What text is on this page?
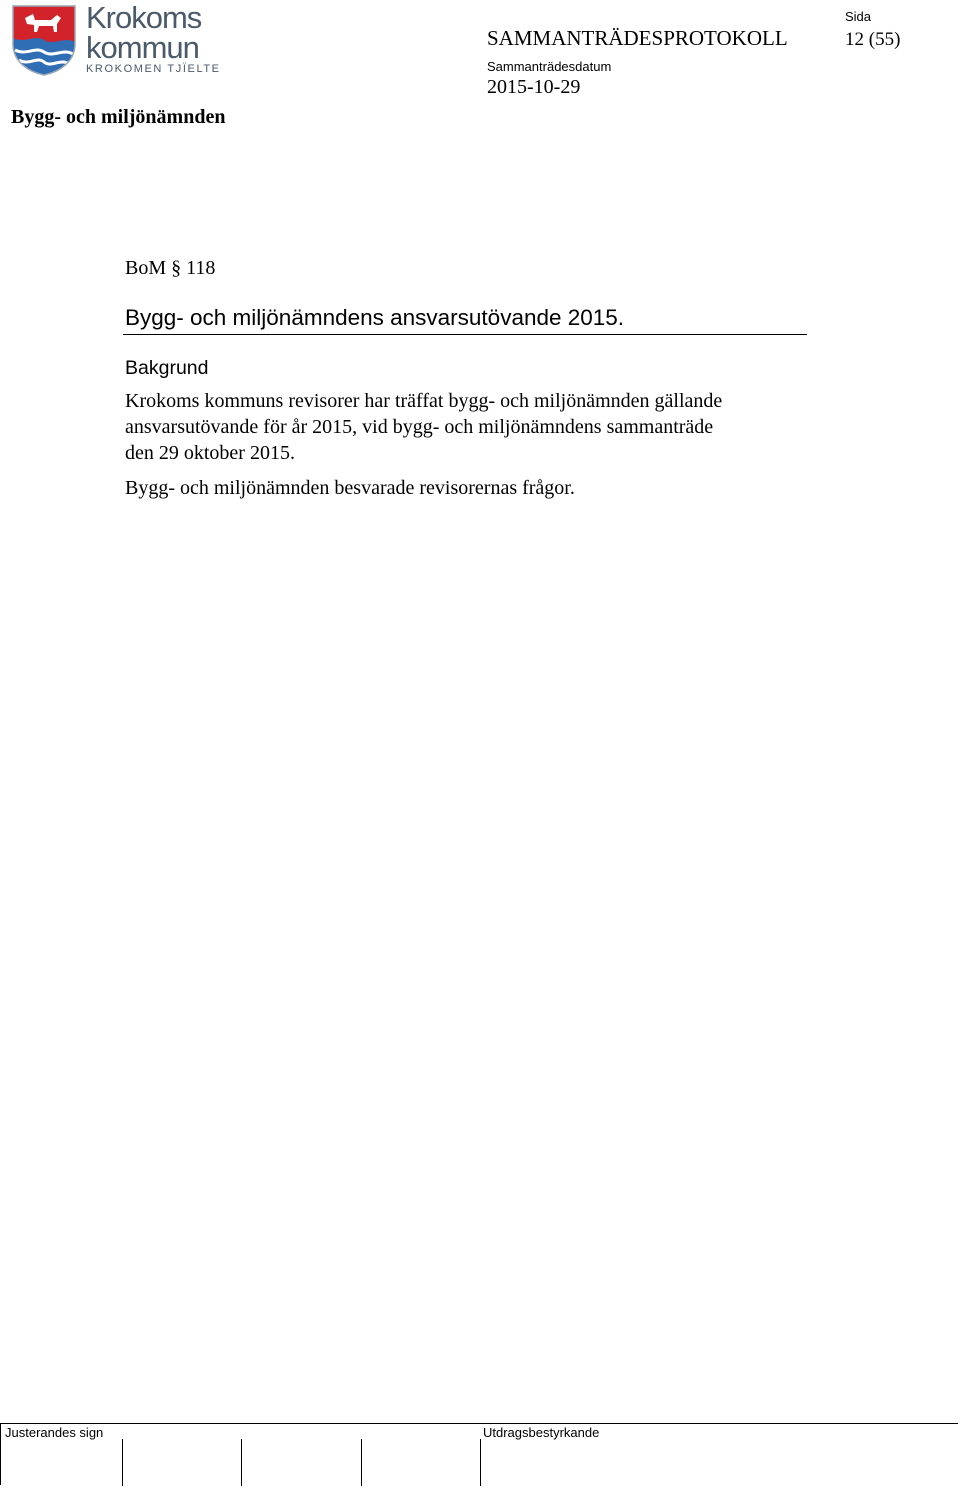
Krokoms
kommun
KROKOMEN TJÏELTE
Bygg- och miljönämnden
SAMMANTRÄDESPROTOKOLL
Sida
12 (55)
Sammanträdesdatum
2015-10-29
BoM § 118
Bygg- och miljönämndens ansvarsutövande 2015.
Bakgrund
Krokoms kommuns revisorer har träffat bygg- och miljönämnden gällande
ansvarsutövande för år 2015, vid bygg- och miljönämndens sammanträde
den 29 oktober 2015.
Bygg- och miljönämnden besvarade revisorernas frågor.
Justerandes sign	Utdragsbestyrkande
